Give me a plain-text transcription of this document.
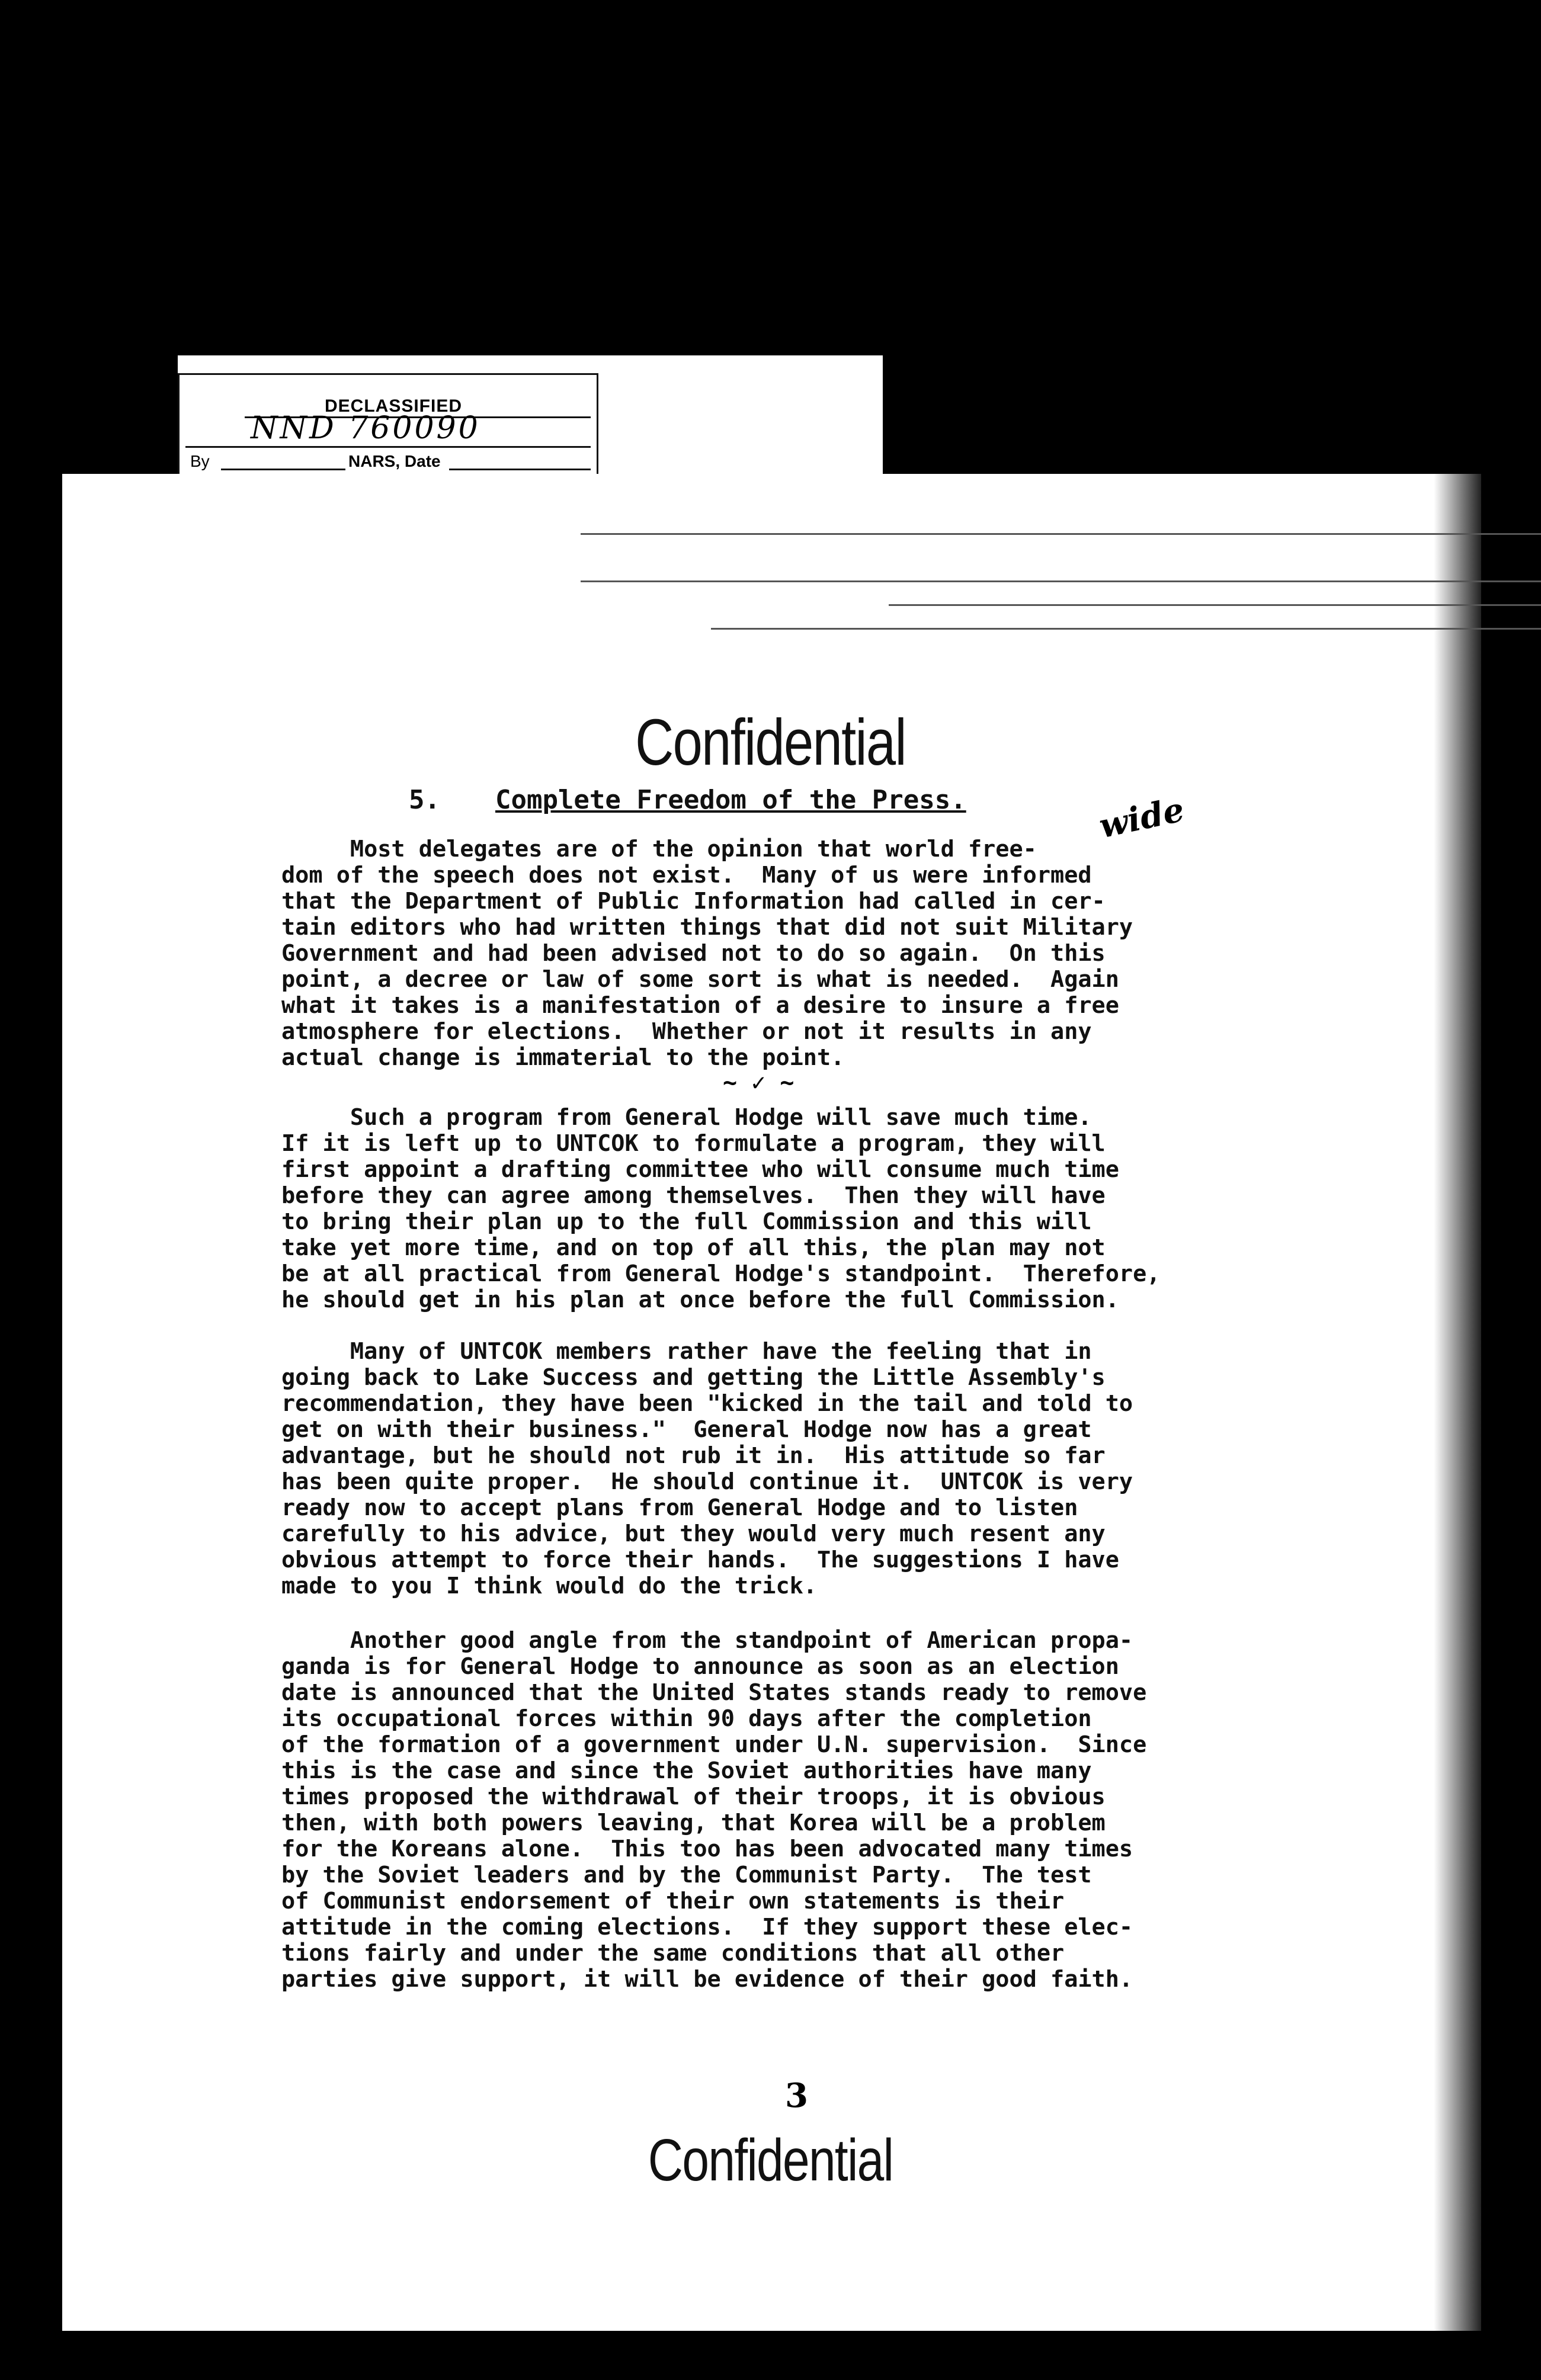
DECLASSIFIED
NND 760090
By	NARS, Date
Confidential
5. Complete Freedom of the Press.	wide
Most delegates are of the opinion that world free-
dom of the speech does not exist.  Many of us were informed
that the Department of Public Information had called in cer-
tain editors who had written things that did not suit Military
Government and had been advised not to do so again.  On this
point, a decree or law of some sort is what is needed.  Again
what it takes is a manifestation of a desire to insure a free
atmosphere for elections.  Whether or not it results in any
actual change is immaterial to the point.
~ ✓ ~
Such a program from General Hodge will save much time.
If it is left up to UNTCOK to formulate a program, they will
first appoint a drafting committee who will consume much time
before they can agree among themselves.  Then they will have
to bring their plan up to the full Commission and this will
take yet more time, and on top of all this, the plan may not
be at all practical from General Hodge's standpoint.  Therefore,
he should get in his plan at once before the full Commission.
Many of UNTCOK members rather have the feeling that in
going back to Lake Success and getting the Little Assembly's
recommendation, they have been "kicked in the tail and told to
get on with their business."  General Hodge now has a great
advantage, but he should not rub it in.  His attitude so far
has been quite proper.  He should continue it.  UNTCOK is very
ready now to accept plans from General Hodge and to listen
carefully to his advice, but they would very much resent any
obvious attempt to force their hands.  The suggestions I have
made to you I think would do the trick.
Another good angle from the standpoint of American propa-
ganda is for General Hodge to announce as soon as an election
date is announced that the United States stands ready to remove
its occupational forces within 90 days after the completion
of the formation of a government under U.N. supervision.  Since
this is the case and since the Soviet authorities have many
times proposed the withdrawal of their troops, it is obvious
then, with both powers leaving, that Korea will be a problem
for the Koreans alone.  This too has been advocated many times
by the Soviet leaders and by the Communist Party.  The test
of Communist endorsement of their own statements is their
attitude in the coming elections.  If they support these elec-
tions fairly and under the same conditions that all other
parties give support, it will be evidence of their good faith.
3
Confidential
